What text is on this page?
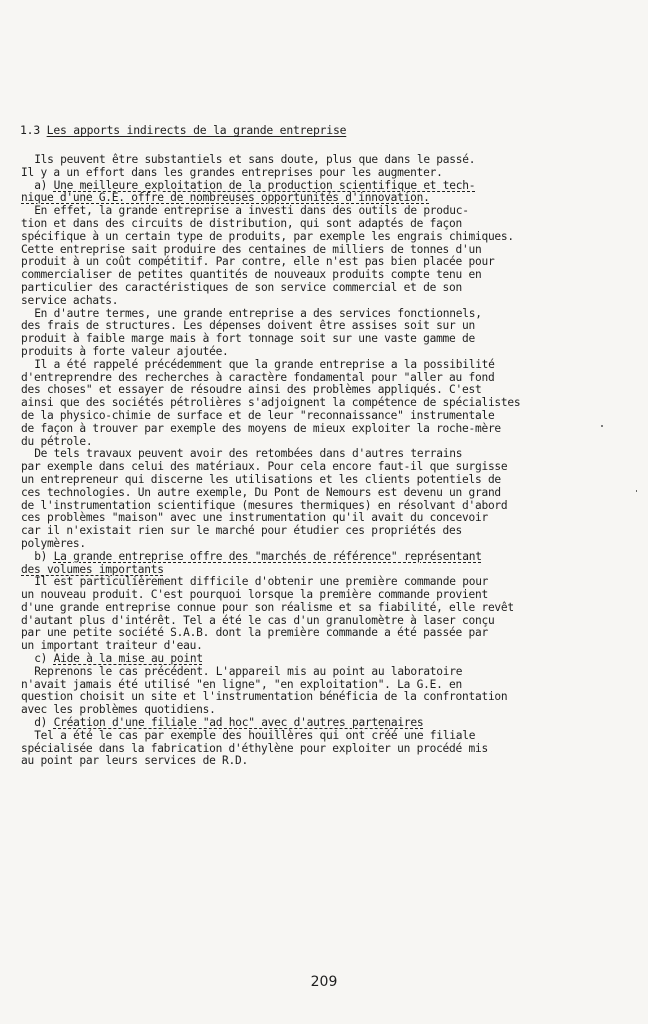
1.3 Les apports indirects de la grande entreprise
Ils peuvent être substantiels et sans doute, plus que dans le passé.
Il y a un effort dans les grandes entreprises pour les augmenter.
a) Une meilleure exploitation de la production scientifique et tech-
nique d'une G.E. offre de nombreuses opportunités d'innovation.
En effet, la grande entreprise a investi dans des outils de produc-
tion et dans des circuits de distribution, qui sont adaptés de façon
spécifique à un certain type de produits, par exemple les engrais chimiques.
Cette entreprise sait produire des centaines de milliers de tonnes d'un
produit à un coût compétitif. Par contre, elle n'est pas bien placée pour
commercialiser de petites quantités de nouveaux produits compte tenu en
particulier des caractéristiques de son service commercial et de son
service achats.
En d'autre termes, une grande entreprise a des services fonctionnels,
des frais de structures. Les dépenses doivent être assises soit sur un
produit à faible marge mais à fort tonnage soit sur une vaste gamme de
produits à forte valeur ajoutée.
Il a été rappelé précédemment que la grande entreprise a la possibilité
d'entreprendre des recherches à caractère fondamental pour "aller au fond
des choses" et essayer de résoudre ainsi des problèmes appliqués. C'est
ainsi que des sociétés pétrolières s'adjoignent la compétence de spécialistes
de la physico-chimie de surface et de leur "reconnaissance" instrumentale
de façon à trouver par exemple des moyens de mieux exploiter la roche-mère
du pétrole.
De tels travaux peuvent avoir des retombées dans d'autres terrains
par exemple dans celui des matériaux. Pour cela encore faut-il que surgisse
un entrepreneur qui discerne les utilisations et les clients potentiels de
ces technologies. Un autre exemple, Du Pont de Nemours est devenu un grand
de l'instrumentation scientifique (mesures thermiques) en résolvant d'abord
ces problèmes "maison" avec une instrumentation qu'il avait du concevoir
car il n'existait rien sur le marché pour étudier ces propriétés des
polymères.
b) La grande entreprise offre des "marchés de référence" représentant
des volumes importants
Il est particulièrement difficile d'obtenir une première commande pour
un nouveau produit. C'est pourquoi lorsque la première commande provient
d'une grande entreprise connue pour son réalisme et sa fiabilité, elle revêt
d'autant plus d'intérêt. Tel a été le cas d'un granulomètre à laser conçu
par une petite société S.A.B. dont la première commande a été passée par
un important traiteur d'eau.
c) Aide à la mise au point
Reprenons le cas précédent. L'appareil mis au point au laboratoire
n'avait jamais été utilisé "en ligne", "en exploitation". La G.E. en
question choisit un site et l'instrumentation bénéficia de la confrontation
avec les problèmes quotidiens.
d) Création d'une filiale "ad hoc" avec d'autres partenaires
Tel a été le cas par exemple des houillères qui ont créé une filiale
spécialisée dans la fabrication d'éthylène pour exploiter un procédé mis
au point par leurs services de R.D.
209
